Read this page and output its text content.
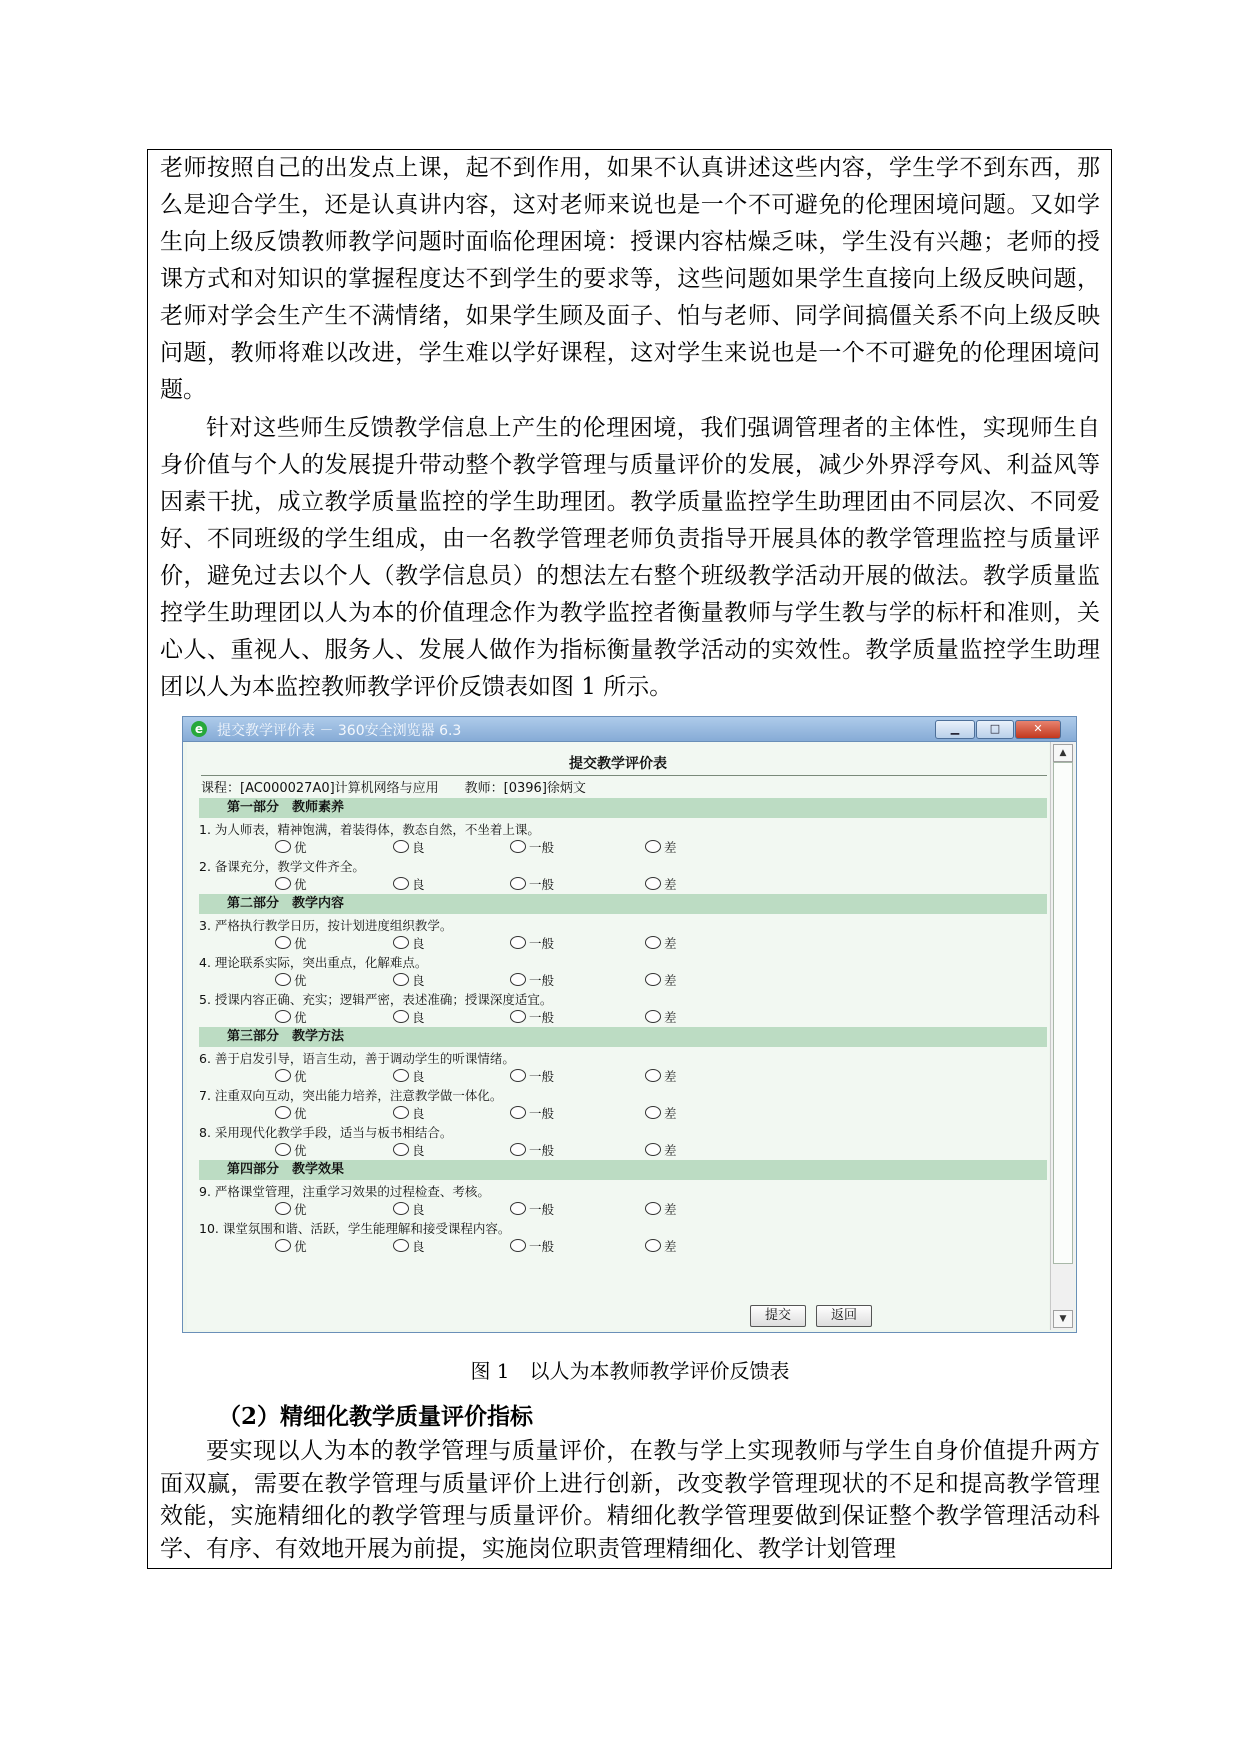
老师按照自己的出发点上课，起不到作用，如果不认真讲述这些内容，学生学不到东西，那么是迎合学生，还是认真讲内容，这对老师来说也是一个不可避免的伦理困境问题。又如学生向上级反馈教师教学问题时面临伦理困境：授课内容枯燥乏味，学生没有兴趣；老师的授课方式和对知识的掌握程度达不到学生的要求等，这些问题如果学生直接向上级反映问题，老师对学会生产生不满情绪，如果学生顾及面子、怕与老师、同学间搞僵关系不向上级反映问题，教师将难以改进，学生难以学好课程，这对学生来说也是一个不可避免的伦理困境问题。

针对这些师生反馈教学信息上产生的伦理困境，我们强调管理者的主体性，实现师生自身价值与个人的发展提升带动整个教学管理与质量评价的发展，减少外界浮夸风、利益风等因素干扰，成立教学质量监控的学生助理团。教学质量监控学生助理团由不同层次、不同爱好、不同班级的学生组成，由一名教学管理老师负责指导开展具体的教学管理监控与质量评价，避免过去以个人（教学信息员）的想法左右整个班级教学活动开展的做法。教学质量监控学生助理团以人为本的价值理念作为教学监控者衡量教师与学生教与学的标杆和准则，关心人、重视人、服务人、发展人做作为指标衡量教学活动的实效性。教学质量监控学生助理团以人为本监控教师教学评价反馈表如图 1 所示。

e 提交教学评价表 － 360安全浏览器 6.3	▁	□	✕
提交教学评价表
课程：[AC000027A0]计算机网络与应用　　教师：[0396]徐炳文
第一部分　教师素养
1. 为人师表，精神饱满，着装得体，教态自然，不坐着上课。
优	良	一般	差
2. 备课充分，教学文件齐全。
优	良	一般	差
第二部分　教学内容
3. 严格执行教学日历，按计划进度组织教学。
优	良	一般	差
4. 理论联系实际，突出重点，化解难点。
优	良	一般	差
5. 授课内容正确、充实；逻辑严密，表述准确；授课深度适宜。
优	良	一般	差
第三部分　教学方法
6. 善于启发引导，语言生动，善于调动学生的听课情绪。
优	良	一般	差
7. 注重双向互动，突出能力培养，注意教学做一体化。
优	良	一般	差
8. 采用现代化教学手段，适当与板书相结合。
优	良	一般	差
第四部分　教学效果
9. 严格课堂管理，注重学习效果的过程检查、考核。
优	良	一般	差
10. 课堂氛围和谐、活跃，学生能理解和接受课程内容。
优	良	一般	差
提交	返回
▲
▼
图 1　以人为本教师教学评价反馈表
（2）精细化教学质量评价指标

要实现以人为本的教学管理与质量评价，在教与学上实现教师与学生自身价值提升两方面双赢，需要在教学管理与质量评价上进行创新，改变教学管理现状的不足和提高教学管理效能，实施精细化的教学管理与质量评价。精细化教学管理要做到保证整个教学管理活动科学、有序、有效地开展为前提，实施岗位职责管理精细化、教学计划管理
